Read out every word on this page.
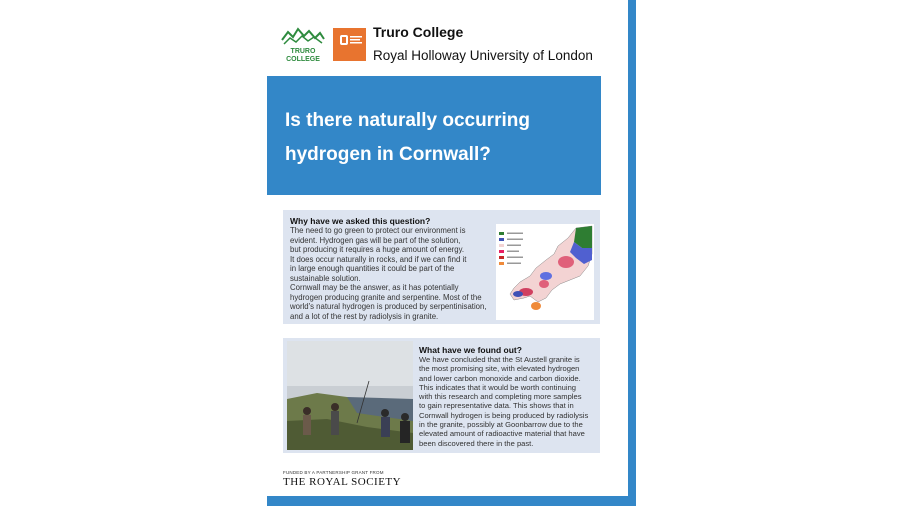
TRURO
COLLEGE
Truro College
Royal Holloway University of London
Is there naturally occurring
hydrogen in Cornwall?
Why have we asked this question?
The need to go green to protect our environment is
evident. Hydrogen gas will be part of the solution,
but producing it requires a huge amount of energy.
It does occur naturally in rocks, and if we can find it
in large enough quantities it could be part of the
sustainable solution.
Cornwall may be the answer, as it has potentially
hydrogen producing granite and serpentine. Most of the
world's natural hydrogen is produced by serpentinisation,
and a lot of the rest by radiolysis in granite.
What have we found out?
We have concluded that the St Austell granite is
the most promising site, with elevated hydrogen
and lower carbon monoxide and carbon dioxide.
This indicates that it would be worth continuing
with this research and completing more samples
to gain representative data. This shows that in
Cornwall hydrogen is being produced by radiolysis
in the granite, possibly at Goonbarrow due to the
elevated amount of radioactive material that have
been discovered there in the past.
FUNDED BY A PARTNERSHIP GRANT FROM
THE ROYAL SOCIETY
